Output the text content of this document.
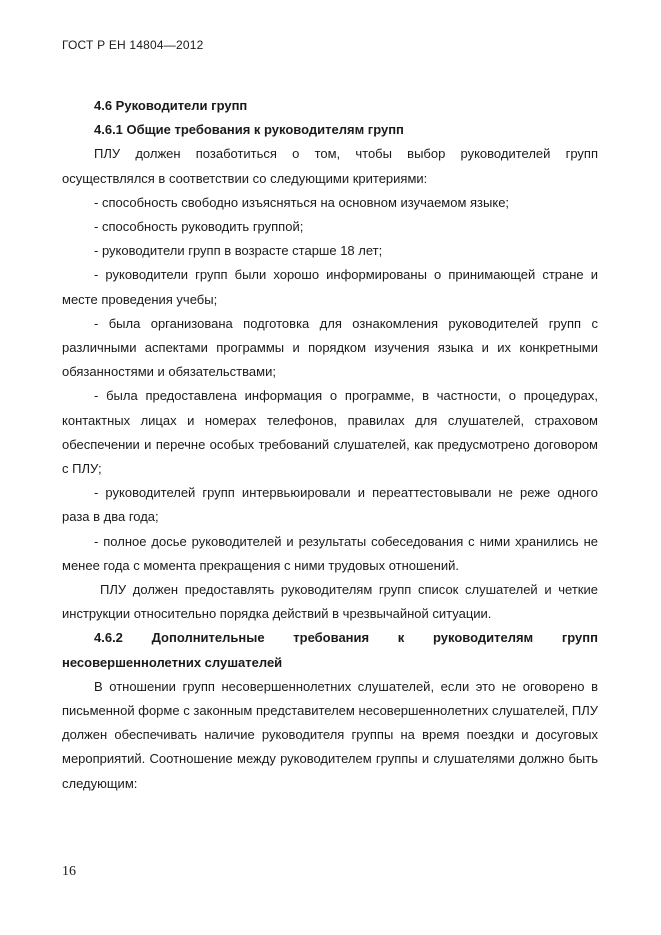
ГОСТ Р ЕН 14804—2012
4.6 Руководители групп
4.6.1 Общие требования к руководителям групп

ПЛУ должен позаботиться о том, чтобы выбор руководителей групп осуществлялся в соответствии со следующими критериями:

- способность свободно изъясняться на основном изучаемом языке;

- способность руководить группой;

- руководители групп в возрасте старше 18 лет;

- руководители групп были хорошо информированы о принимающей стране и месте проведения учебы;

- была организована подготовка для ознакомления руководителей групп с различными аспектами программы и порядком изучения языка и их конкретными обязанностями и обязательствами;

- была предоставлена информация о программе, в частности, о процедурах, контактных лицах и номерах телефонов, правилах для слушателей, страховом обеспечении и перечне особых требований слушателей, как предусмотрено договором с ПЛУ;

- руководителей групп интервьюировали и переаттестовывали не реже одного раза в два года;

- полное досье руководителей и результаты собеседования с ними хранились не менее года с момента прекращения с ними трудовых отношений.

ПЛУ должен предоставлять руководителям групп список слушателей и четкие инструкции относительно порядка действий в чрезвычайной ситуации.

4.6.2 Дополнительные требования к руководителям групп
несовершеннолетних слушателей

В отношении групп несовершеннолетних слушателей, если это не оговорено в письменной форме с законным представителем несовершеннолетних слушателей, ПЛУ должен обеспечивать наличие руководителя группы на время поездки и досуговых мероприятий. Соотношение между руководителем группы и слушателями должно быть следующим:

16
